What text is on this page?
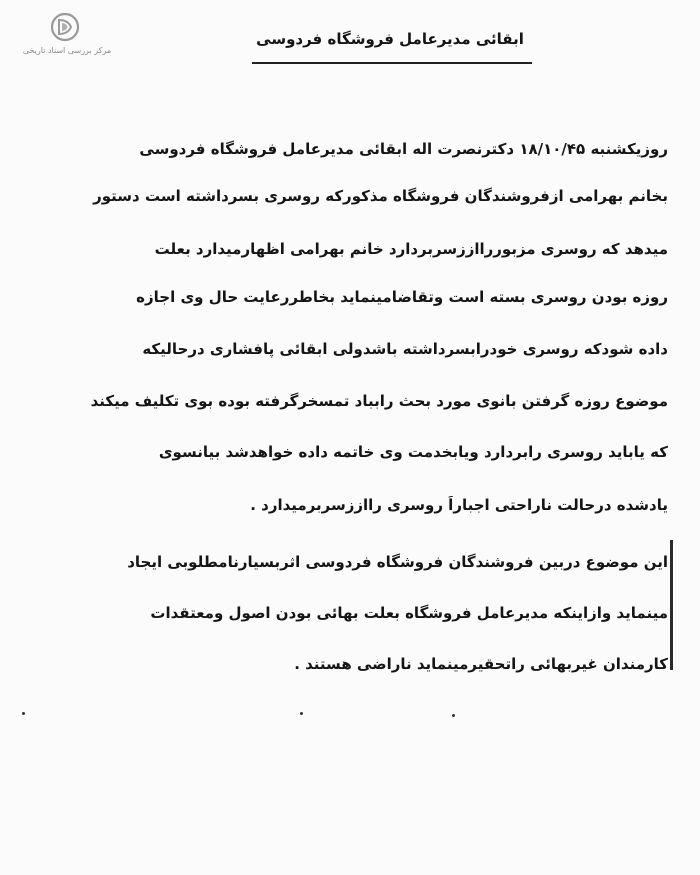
مرکز بررسی اسناد تاریخی
ابقائی مدیرعامل فروشگاه فردوسی
روزیکشنبه ۱۸/۱۰/۴۵ دکترنصرت اله ابقائی مدیرعامل فروشگاه فردوسی
بخانم بهرامی ازفروشندگان فروشگاه مذکورکه روسری بسرداشته است دستور
میدهد که روسری مزبوررااززسربردارد خانم بهرامی اظهارمیدارد بعلت
روزه بودن روسری بسته است وتقاضامینماید بخاطررعایت حال وی اجازه
داده شودکه روسری خودرابسرداشته باشدولی ابقائی پافشاری درحالیکه
موضوع روزه گرفتن بانوی مورد بحث رابباد تمسخرگرفته بوده بوی تکلیف میکند
که یاباید روسری رابردارد ویابخدمت وی خاتمه داده خواهدشد بیانسوی
یادشده درحالت ناراحتی اجباراً روسری رااززسربرمیدارد .
این موضوع دربین فروشندگان فروشگاه فردوسی اثربسیارنامطلوبی ایجاد
مینماید وازاینکه مدیرعامل فروشگاه بعلت بهائی بودن اصول ومعتقدات
کارمندان غیربهائی راتحقیرمینماید ناراضی هستند .
